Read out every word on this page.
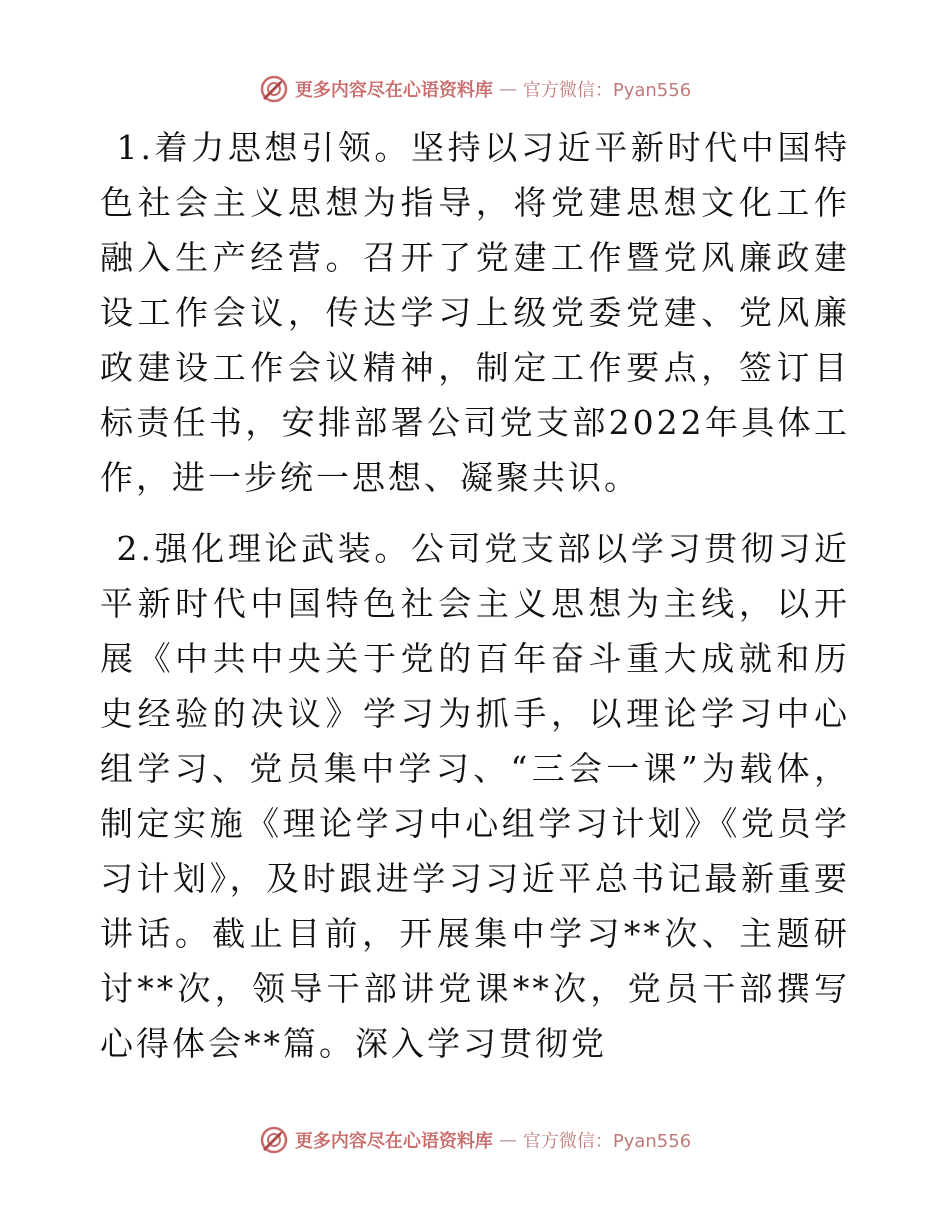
更多内容尽在心语资料库 — 官方微信：Pyan556

1.着力思想引领。坚持以习近平新时代中国特色社会主义思想为指导，将党建思想文化工作融入生产经营。召开了党建工作暨党风廉政建设工作会议，传达学习上级党委党建、党风廉政建设工作会议精神，制定工作要点，签订目标责任书，安排部署公司党支部2022年具体工作，进一步统一思想、凝聚共识。

2.强化理论武装。公司党支部以学习贯彻习近平新时代中国特色社会主义思想为主线，以开展《中共中央关于党的百年奋斗重大成就和历史经验的决议》学习为抓手，以理论学习中心组学习、党员集中学习、“三会一课”为载体，制定实施《理论学习中心组学习计划》《党员学习计划》，及时跟进学习习近平总书记最新重要讲话。截止目前，开展集中学习**次、主题研讨**次，领导干部讲党课**次，党员干部撰写心得体会**篇。深入学习贯彻党

更多内容尽在心语资料库 — 官方微信：Pyan556
